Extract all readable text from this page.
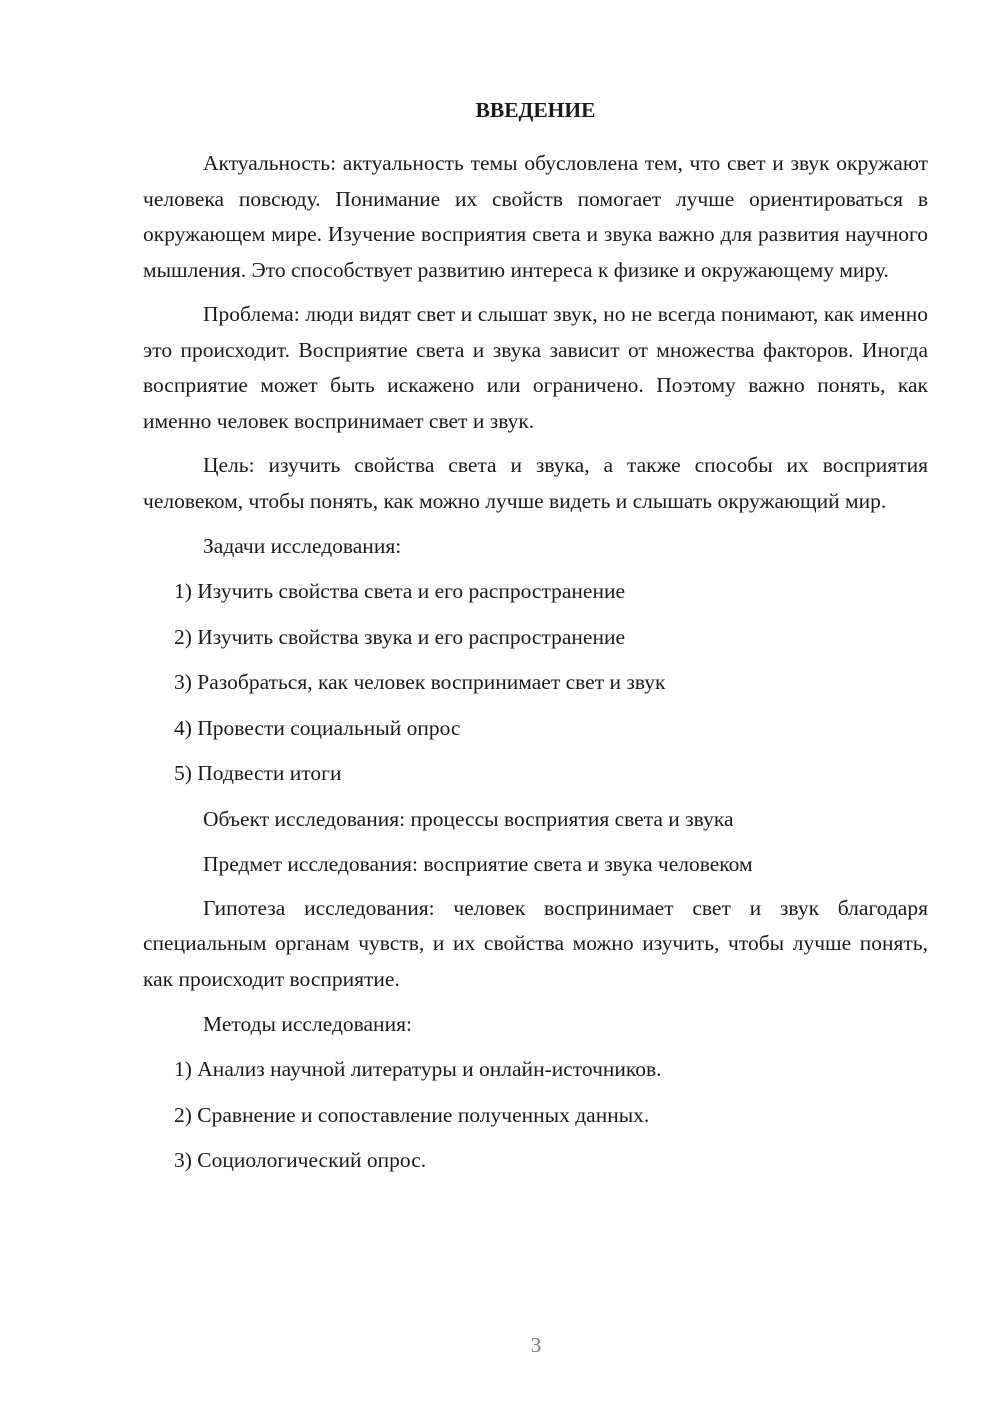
ВВЕДЕНИЕ

Актуальность: актуальность темы обусловлена тем, что свет и звук окружают человека повсюду. Понимание их свойств помогает лучше ориентироваться в окружающем мире. Изучение восприятия света и звука важно для развития научного мышления. Это способствует развитию интереса к физике и окружающему миру.

Проблема: люди видят свет и слышат звук, но не всегда понимают, как именно это происходит. Восприятие света и звука зависит от множества факторов. Иногда восприятие может быть искажено или ограничено. Поэтому важно понять, как именно человек воспринимает свет и звук.

Цель: изучить свойства света и звука, а также способы их восприятия человеком, чтобы понять, как можно лучше видеть и слышать окружающий мир.

Задачи исследования:

1) Изучить свойства света и его распространение

2) Изучить свойства звука и его распространение

3) Разобраться, как человек воспринимает свет и звук

4) Провести социальный опрос

5) Подвести итоги

Объект исследования: процессы восприятия света и звука

Предмет исследования: восприятие света и звука человеком

Гипотеза исследования: человек воспринимает свет и звук благодаря специальным органам чувств, и их свойства можно изучить, чтобы лучше понять, как происходит восприятие.

Методы исследования:

1) Анализ научной литературы и онлайн-источников.

2) Сравнение и сопоставление полученных данных.

3) Социологический опрос.

3
